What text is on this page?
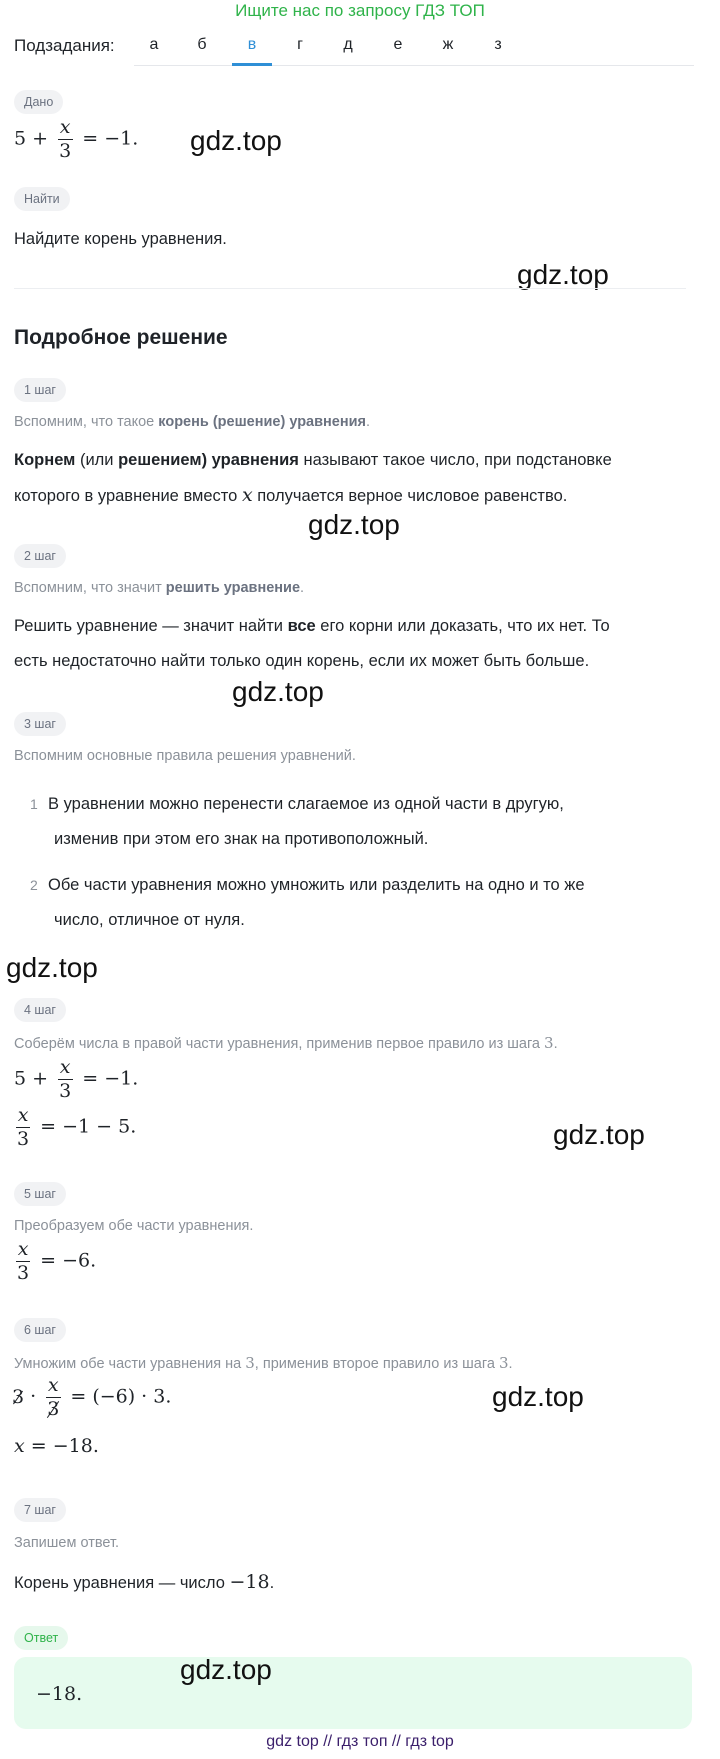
Ищите нас по запросу ГДЗ ТОП
Подзадания:	а	б	в	г	д	е	ж	з
Дано
$5 + \frac{x}{3} = -1$. gdz.top
Найти
Найдите корень уравнения.
gdz.top
Подробное решение
1 шаг
Вспомним, что такое корень (решение) уравнения.
Корнем (или решением) уравнения называют такое число, при подстановке
которого в уравнение вместо x получается верное числовое равенство.
gdz.top
2 шаг
Вспомним, что значит решить уравнение.
Решить уравнение — значит найти все его корни или доказать, что их нет. То
есть недостаточно найти только один корень, если их может быть больше.
gdz.top
3 шаг
Вспомним основные правила решения уравнений.
1 В уравнении можно перенести слагаемое из одной части в другую,
изменив при этом его знак на противоположный.
2 Обе части уравнения можно умножить или разделить на одно и то же
число, отличное от нуля.
gdz.top
4 шаг
Соберём числа в правой части уравнения, применив первое правило из шага 3.
$5 + \frac{x}{3} = -1$.
$\frac{x}{3} = -1 - 5$.	gdz.top
5 шаг
Преобразуем обе части уравнения.
$\frac{x}{3} = -6$.
6 шаг
Умножим обе части уравнения на 3, применив второе правило из шага 3.
$3 \cdot \frac{x}{3} = (-6) \cdot 3$.
x = −18.
gdz.top
7 шаг
Запишем ответ.
Корень уравнения — число −18.
Ответ
−18.
gdz.top
gdz top // гдз топ // гдз top
